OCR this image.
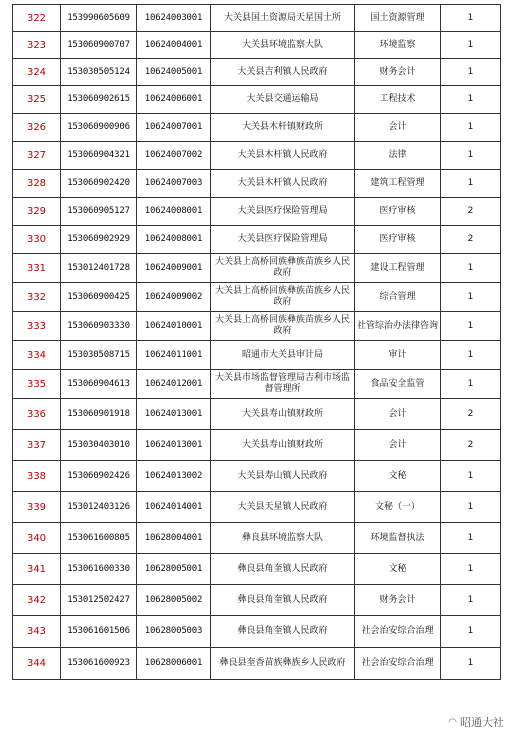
322	153990605609	10624003001	大关县国土资源局天星国土所	国土资源管理	1
323	153060900707	10624004001	大关县环境监察大队	环境监察	1
324	153030505124	10624005001	大关县吉利镇人民政府	财务会计	1
325	153060902615	10624006001	大关县交通运输局	工程技术	1
326	153060900906	10624007001	大关县木杆镇财政所	会计	1
327	153060904321	10624007002	大关县木杆镇人民政府	法律	1
328	153060902420	10624007003	大关县木杆镇人民政府	建筑工程管理	1
329	153060905127	10624008001	大关县医疗保险管理局	医疗审核	2
330	153060902929	10624008001	大关县医疗保险管理局	医疗审核	2
331	153012401728	10624009001	大关县上高桥回族彝族苗族乡人民政府	建设工程管理	1
332	153060900425	10624009002	大关县上高桥回族彝族苗族乡人民政府	综合管理	1
333	153060903330	10624010001	大关县上高桥回族彝族苗族乡人民政府	社管综治办法律咨询	1
334	153030508715	10624011001	昭通市大关县审计局	审计	1
335	153060904613	10624012001	大关县市场监督管理局吉利市场监督管理所	食品安全监管	1
336	153060901918	10624013001	大关县寿山镇财政所	会计	2
337	153030403010	10624013001	大关县寿山镇财政所	会计	2
338	153060902426	10624013002	大关县寿山镇人民政府	文秘	1
339	153012403126	10624014001	大关县天星镇人民政府	文秘（一）	1
340	153061600805	10628004001	彝良县环境监察大队	环境监督执法	1
341	153061600330	10628005001	彝良县角奎镇人民政府	文秘	1
342	153012502427	10628005002	彝良县角奎镇人民政府	财务会计	1
343	153061601506	10628005003	彝良县角奎镇人民政府	社会治安综合治理	1
344	153061600923	10628006001	彝良县奎香苗族彝族乡人民政府	社会治安综合治理	1
◠ 昭通大社
